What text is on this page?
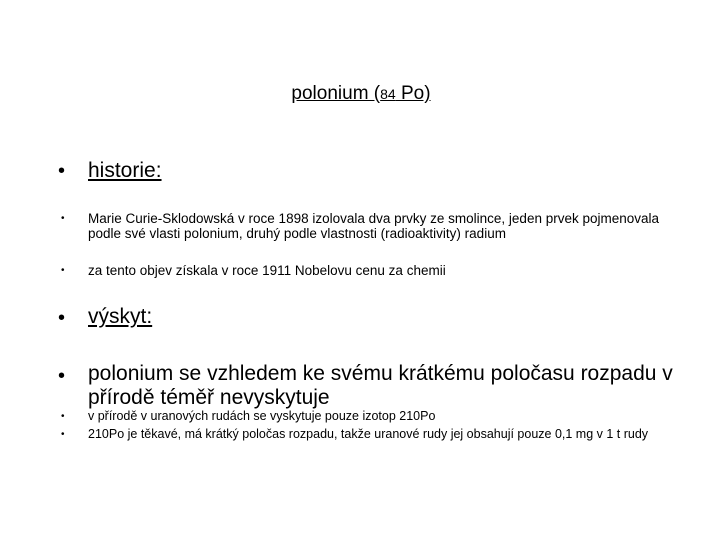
polonium (84 Po)
• historie:
• Marie Curie-Sklodowská v roce 1898 izolovala dva prvky ze smolince, jeden prvek pojmenovala podle své vlasti polonium, druhý podle vlastnosti (radioaktivity) radium
• za tento objev získala v roce 1911 Nobelovu cenu za chemii
• výskyt:
• polonium se vzhledem ke svému krátkému poločasu rozpadu v přírodě téměř nevyskytuje
• v přírodě v uranových rudách se vyskytuje pouze izotop 210Po
• 210Po je těkavé, má krátký poločas rozpadu, takže uranové rudy jej obsahují pouze 0,1 mg v 1 t rudy
